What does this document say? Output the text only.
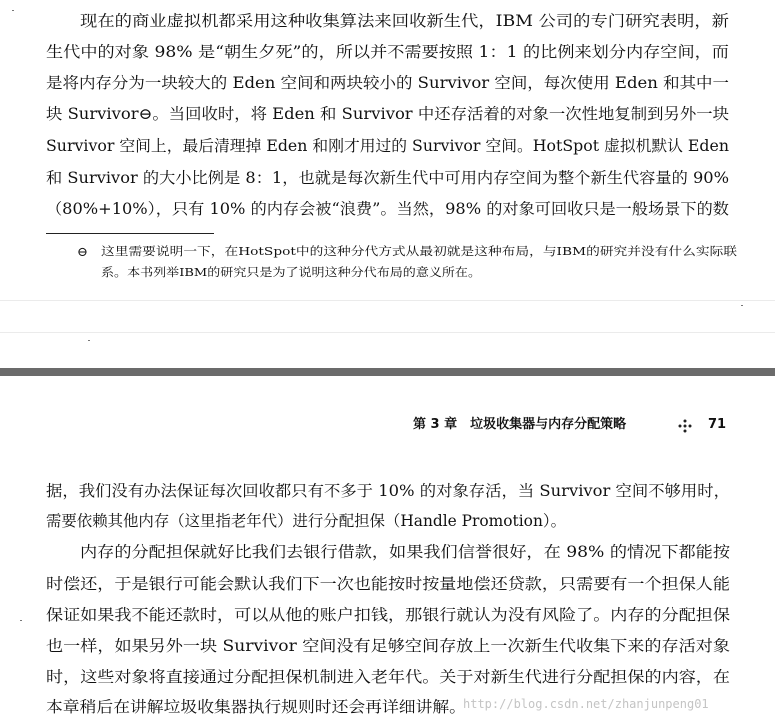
现在的商业虚拟机都采用这种收集算法来回收新生代，IBM 公司的专门研究表明，新
生代中的对象 98% 是“朝生夕死”的，所以并不需要按照 1：1 的比例来划分内存空间，而
是将内存分为一块较大的 Eden 空间和两块较小的 Survivor 空间，每次使用 Eden 和其中一
块 Survivor⊖。当回收时，将 Eden 和 Survivor 中还存活着的对象一次性地复制到另外一块
Survivor 空间上，最后清理掉 Eden 和刚才用过的 Survivor 空间。HotSpot 虚拟机默认 Eden
和 Survivor 的大小比例是 8：1，也就是每次新生代中可用内存空间为整个新生代容量的 90%
（80%+10%），只有 10% 的内存会被“浪费”。当然，98% 的对象可回收只是一般场景下的数
⊖ 这里需要说明一下，在HotSpot中的这种分代方式从最初就是这种布局，与IBM的研究并没有什么实际联
系。本书列举IBM的研究只是为了说明这种分代布局的意义所在。
第 3 章　垃圾收集器与内存分配策略	71
据，我们没有办法保证每次回收都只有不多于 10% 的对象存活，当 Survivor 空间不够用时，
需要依赖其他内存（这里指老年代）进行分配担保（Handle Promotion）。
内存的分配担保就好比我们去银行借款，如果我们信誉很好，在 98% 的情况下都能按
时偿还，于是银行可能会默认我们下一次也能按时按量地偿还贷款，只需要有一个担保人能
保证如果我不能还款时，可以从他的账户扣钱，那银行就认为没有风险了。内存的分配担保
也一样，如果另外一块 Survivor 空间没有足够空间存放上一次新生代收集下来的存活对象
时，这些对象将直接通过分配担保机制进入老年代。关于对新生代进行分配担保的内容，在
本章稍后在讲解垃圾收集器执行规则时还会再详细讲解。
http://blog.csdn.net/zhanjunpeng01
